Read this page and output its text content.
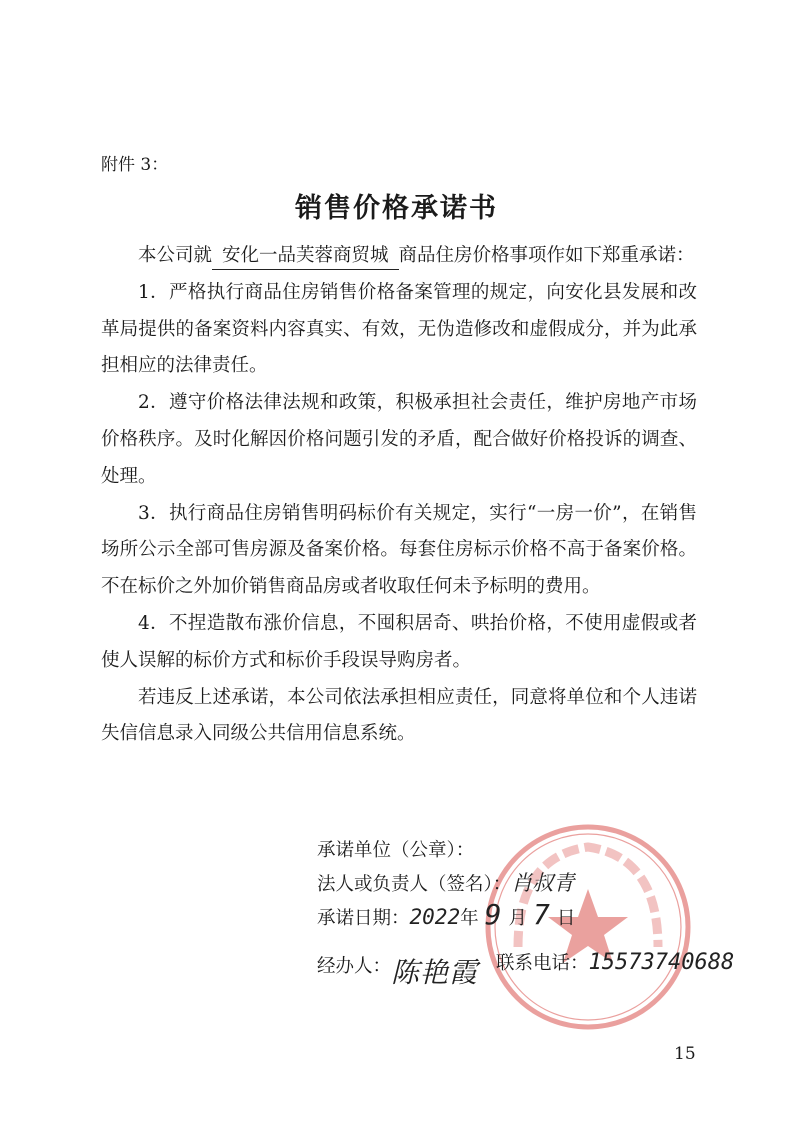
附件 3：
销售价格承诺书

本公司就 安化一品芙蓉商贸城 商品住房价格事项作如下郑重承诺：

1．严格执行商品住房销售价格备案管理的规定，向安化县发展和改革局提供的备案资料内容真实、有效，无伪造修改和虚假成分，并为此承担相应的法律责任。

2．遵守价格法律法规和政策，积极承担社会责任，维护房地产市场价格秩序。及时化解因价格问题引发的矛盾，配合做好价格投诉的调查、处理。

3．执行商品住房销售明码标价有关规定，实行“一房一价”，在销售场所公示全部可售房源及备案价格。每套住房标示价格不高于备案价格。不在标价之外加价销售商品房或者收取任何未予标明的费用。

4．不捏造散布涨价信息，不囤积居奇、哄抬价格，不使用虚假或者使人误解的标价方式和标价手段误导购房者。

若违反上述承诺，本公司依法承担相应责任，同意将单位和个人违诺失信信息录入同级公共信用信息系统。

承诺单位（公章）：
法人或负责人（签名）：肖叔青
承诺日期：2022年 9 月 7 日
经办人：陈艳霞 联系电话：15573740688
15
